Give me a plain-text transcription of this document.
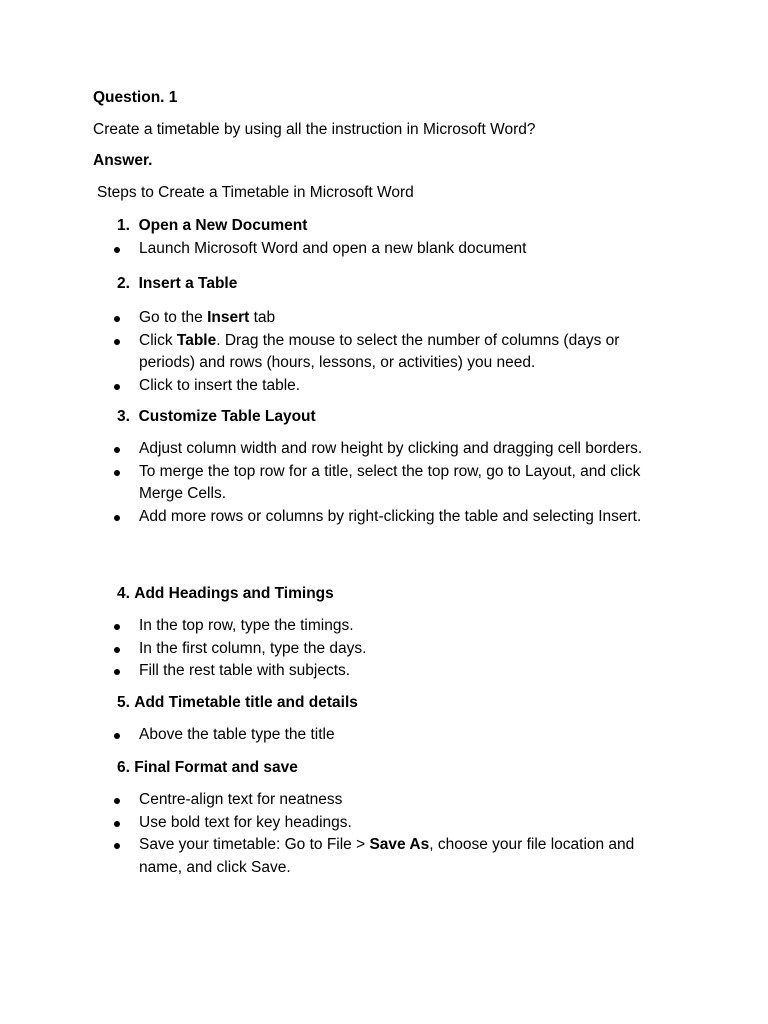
Question. 1
Create a timetable by using all the instruction in Microsoft Word?
Answer.
Steps to Create a Timetable in Microsoft Word
1. Open a New Document
Launch Microsoft Word and open a new blank document
2. Insert a Table
Go to the Insert tab
Click Table. Drag the mouse to select the number of columns (days or periods) and rows (hours, lessons, or activities) you need.
Click to insert the table.
3. Customize Table Layout
Adjust column width and row height by clicking and dragging cell borders.
To merge the top row for a title, select the top row, go to Layout, and click Merge Cells.
Add more rows or columns by right-clicking the table and selecting Insert.
4. Add Headings and Timings
In the top row, type the timings.
In the first column, type the days.
Fill the rest table with subjects.
5. Add Timetable title and details
Above the table type the title
6. Final Format and save
Centre-align text for neatness
Use bold text for key headings.
Save your timetable: Go to File > Save As, choose your file location and name, and click Save.
